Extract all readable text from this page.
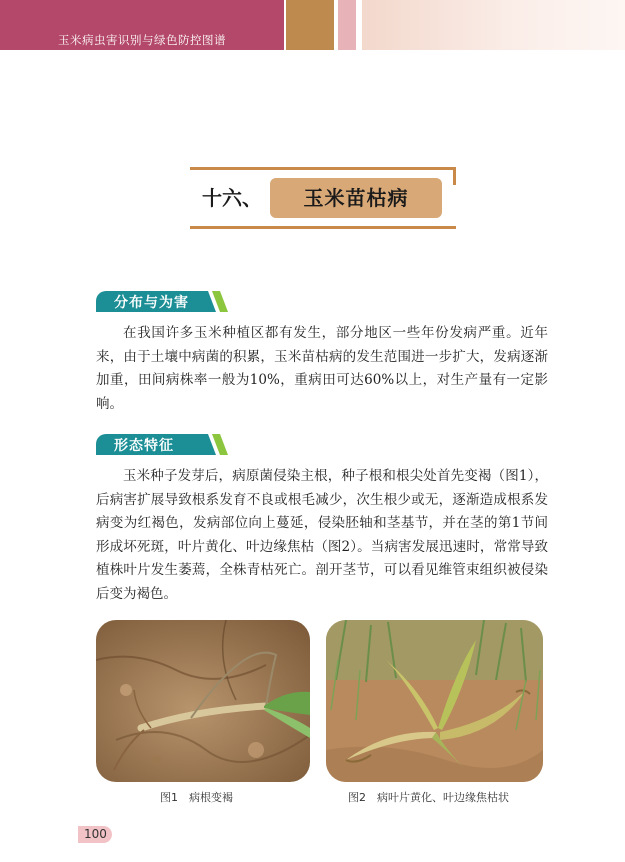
玉米病虫害识别与绿色防控图谱
十六、	玉米苗枯病
分布与为害
在我国许多玉米种植区都有发生，部分地区一些年份发病严重。近年来，由于土壤中病菌的积累，玉米苗枯病的发生范围进一步扩大，发病逐渐加重，田间病株率一般为10%，重病田可达60%以上，对生产量有一定影响。
形态特征
玉米种子发芽后，病原菌侵染主根，种子根和根尖处首先变褐（图1），后病害扩展导致根系发育不良或根毛减少，次生根少或无，逐渐造成根系发病变为红褐色，发病部位向上蔓延，侵染胚轴和茎基节，并在茎的第1节间形成坏死斑，叶片黄化、叶边缘焦枯（图2）。当病害发展迅速时，常常导致植株叶片发生萎蔫，全株青枯死亡。剖开茎节，可以看见维管束组织被侵染后变为褐色。
图1　病根变褐	图2　病叶片黄化、叶边缘焦枯状
100
